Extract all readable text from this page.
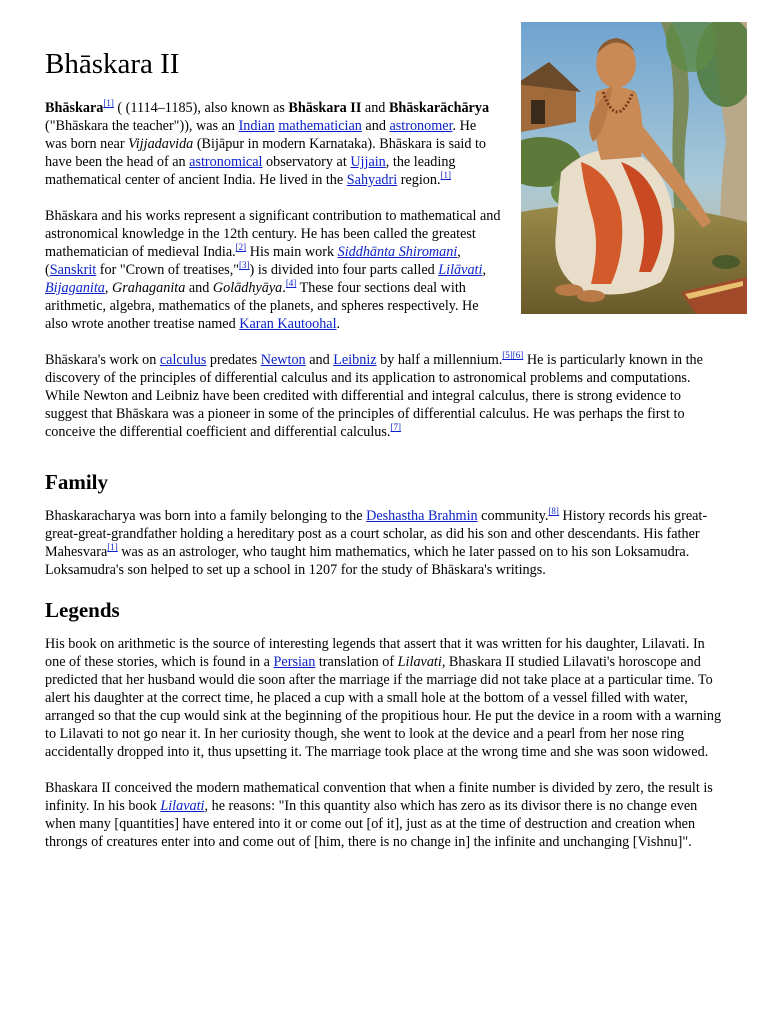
Bhāskara II

Bhāskara[1] ( (1114–1185), also known as Bhāskara II and Bhāskarāchārya ("Bhāskara the teacher")), was an Indian mathematician and astronomer. He was born near Vijjadavida (Bijāpur in modern Karnataka). Bhāskara is said to have been the head of an astronomical observatory at Ujjain, the leading mathematical center of ancient India. He lived in the Sahyadri region.[1]

Bhāskara and his works represent a significant contribution to mathematical and astronomical knowledge in the 12th century. He has been called the greatest mathematician of medieval India.[2] His main work Siddhānta Shiromani, (Sanskrit for "Crown of treatises,"[3]) is divided into four parts called Lilāvati, Bijaganita, Grahaganita and Golādhyāya.[4] These four sections deal with arithmetic, algebra, mathematics of the planets, and spheres respectively. He also wrote another treatise named Karan Kautoohal.

Bhāskara's work on calculus predates Newton and Leibniz by half a millennium.[5][6] He is particularly known in the discovery of the principles of differential calculus and its application to astronomical problems and computations. While Newton and Leibniz have been credited with differential and integral calculus, there is strong evidence to suggest that Bhāskara was a pioneer in some of the principles of differential calculus. He was perhaps the first to conceive the differential coefficient and differential calculus.[7]

Family

Bhaskaracharya was born into a family belonging to the Deshastha Brahmin community.[8] History records his great-great-great-grandfather holding a hereditary post as a court scholar, as did his son and other descendants. His father Mahesvara[1] was as an astrologer, who taught him mathematics, which he later passed on to his son Loksamudra. Loksamudra's son helped to set up a school in 1207 for the study of Bhāskara's writings.

Legends

His book on arithmetic is the source of interesting legends that assert that it was written for his daughter, Lilavati. In one of these stories, which is found in a Persian translation of Lilavati, Bhaskara II studied Lilavati's horoscope and predicted that her husband would die soon after the marriage if the marriage did not take place at a particular time. To alert his daughter at the correct time, he placed a cup with a small hole at the bottom of a vessel filled with water, arranged so that the cup would sink at the beginning of the propitious hour. He put the device in a room with a warning to Lilavati to not go near it. In her curiosity though, she went to look at the device and a pearl from her nose ring accidentally dropped into it, thus upsetting it. The marriage took place at the wrong time and she was soon widowed.

Bhaskara II conceived the modern mathematical convention that when a finite number is divided by zero, the result is infinity. In his book Lilavati, he reasons: "In this quantity also which has zero as its divisor there is no change even when many [quantities] have entered into it or come out [of it], just as at the time of destruction and creation when throngs of creatures enter into and come out of [him, there is no change in] the infinite and unchanging [Vishnu]".
